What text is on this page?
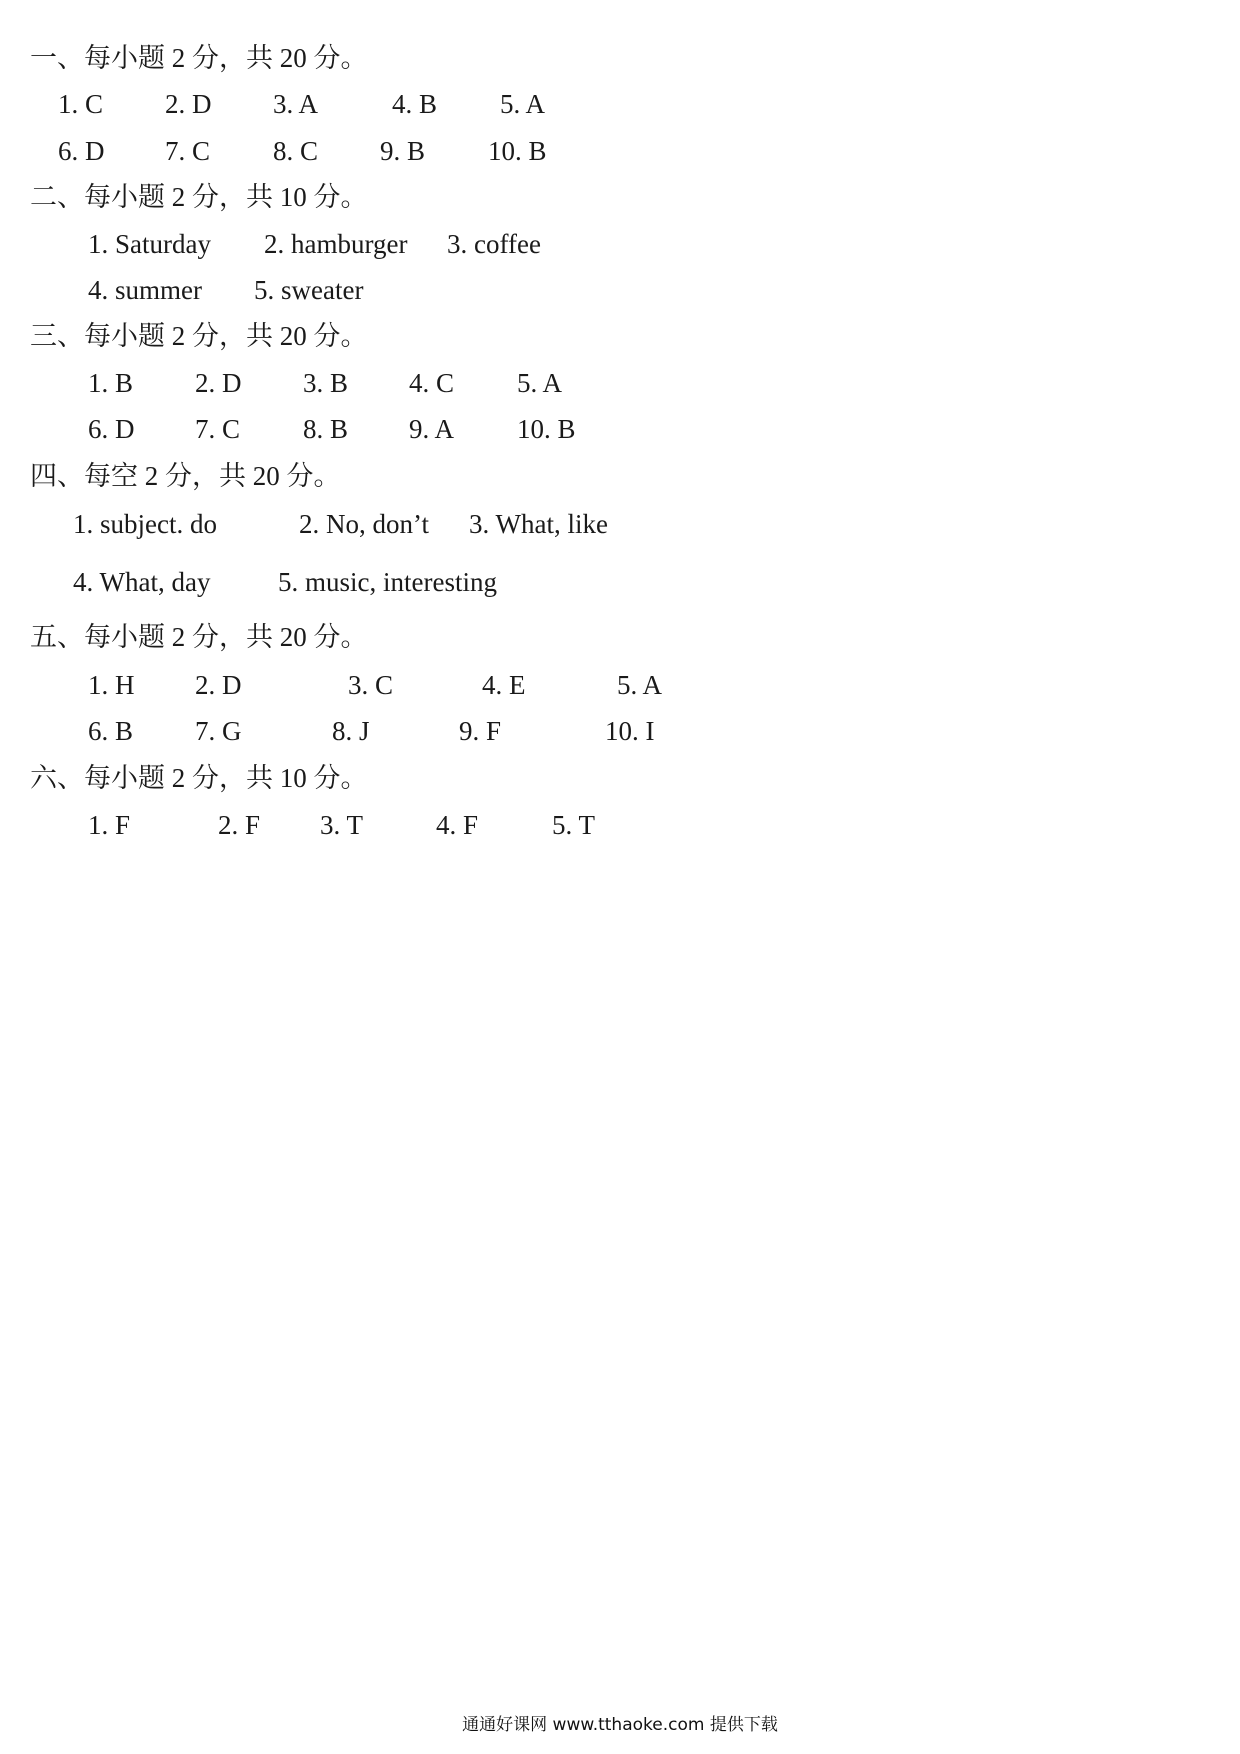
一、每小题 2 分，共 20 分。
1. C 2. D 3. A	4. B 5. A
6. D 7. C 8. C 9. B 10. B
二、每小题 2 分，共 10 分。
1. Saturday 2. hamburger 3. coffee
4. summer 5. sweater
三、每小题 2 分，共 20 分。
1. B 2. D 3. B 4. C 5. A
6. D 7. C 8. B 9. A 10. B
四、每空 2 分，共 20 分。
1. subject. do	2. No, don’t 3. What, like
4. What, day	5. music, interesting
五、每小题 2 分，共 20 分。
1. H 2. D	3. C	4. E	5. A
6. B 7. G	8. J	9. F	10. I
六、每小题 2 分，共 10 分。
1. F	2. F 3. T	4. F	5. T
通通好课网 www.tthaoke.com 提供下载
